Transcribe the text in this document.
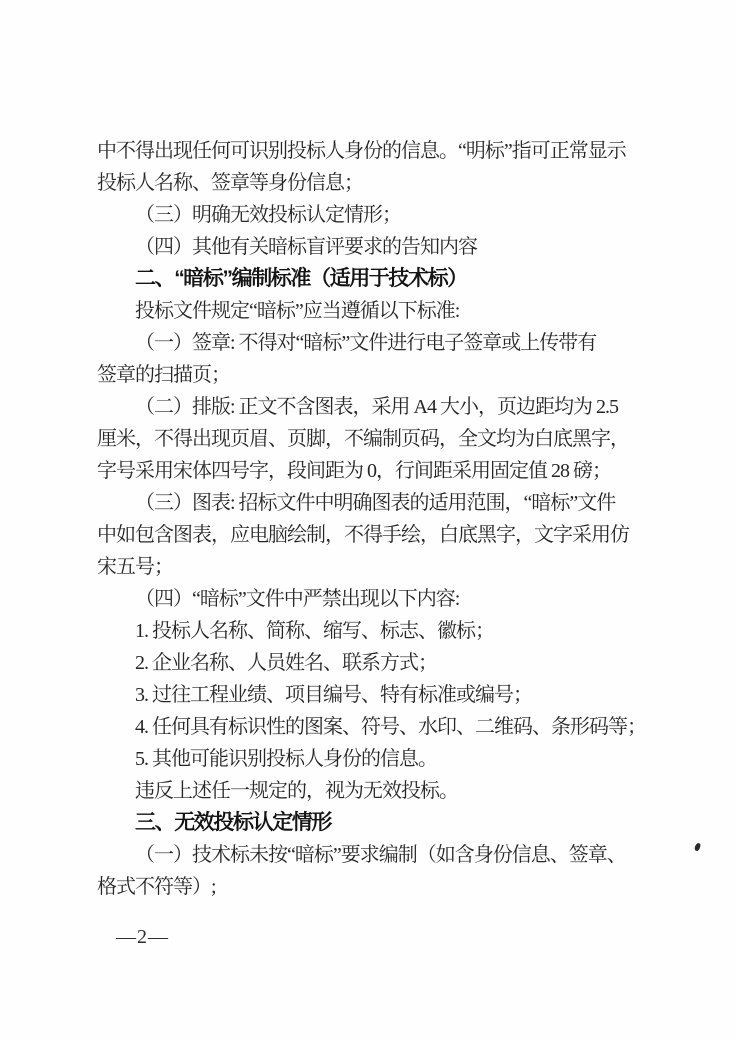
中不得出现任何可识别投标人身份的信息。“明标”指可正常显示
投标人名称、签章等身份信息；
（三）明确无效投标认定情形；
（四）其他有关暗标盲评要求的告知内容
二、“暗标”编制标准（适用于技术标）
投标文件规定“暗标”应当遵循以下标准:
（一）签章: 不得对“暗标”文件进行电子签章或上传带有
签章的扫描页；
（二）排版: 正文不含图表，采用 A4 大小，页边距均为 2.5
厘米，不得出现页眉、页脚，不编制页码，全文均为白底黑字，
字号采用宋体四号字，段间距为 0，行间距采用固定值 28 磅；
（三）图表: 招标文件中明确图表的适用范围，“暗标”文件
中如包含图表，应电脑绘制，不得手绘，白底黑字，文字采用仿
宋五号；
（四）“暗标”文件中严禁出现以下内容:
1. 投标人名称、简称、缩写、标志、徽标；
2. 企业名称、人员姓名、联系方式；
3. 过往工程业绩、项目编号、特有标准或编号；
4. 任何具有标识性的图案、符号、水印、二维码、条形码等；
5. 其他可能识别投标人身份的信息。
违反上述任一规定的，视为无效投标。
三、无效投标认定情形
（一）技术标未按“暗标”要求编制（如含身份信息、签章、
格式不符等）;
—2—
